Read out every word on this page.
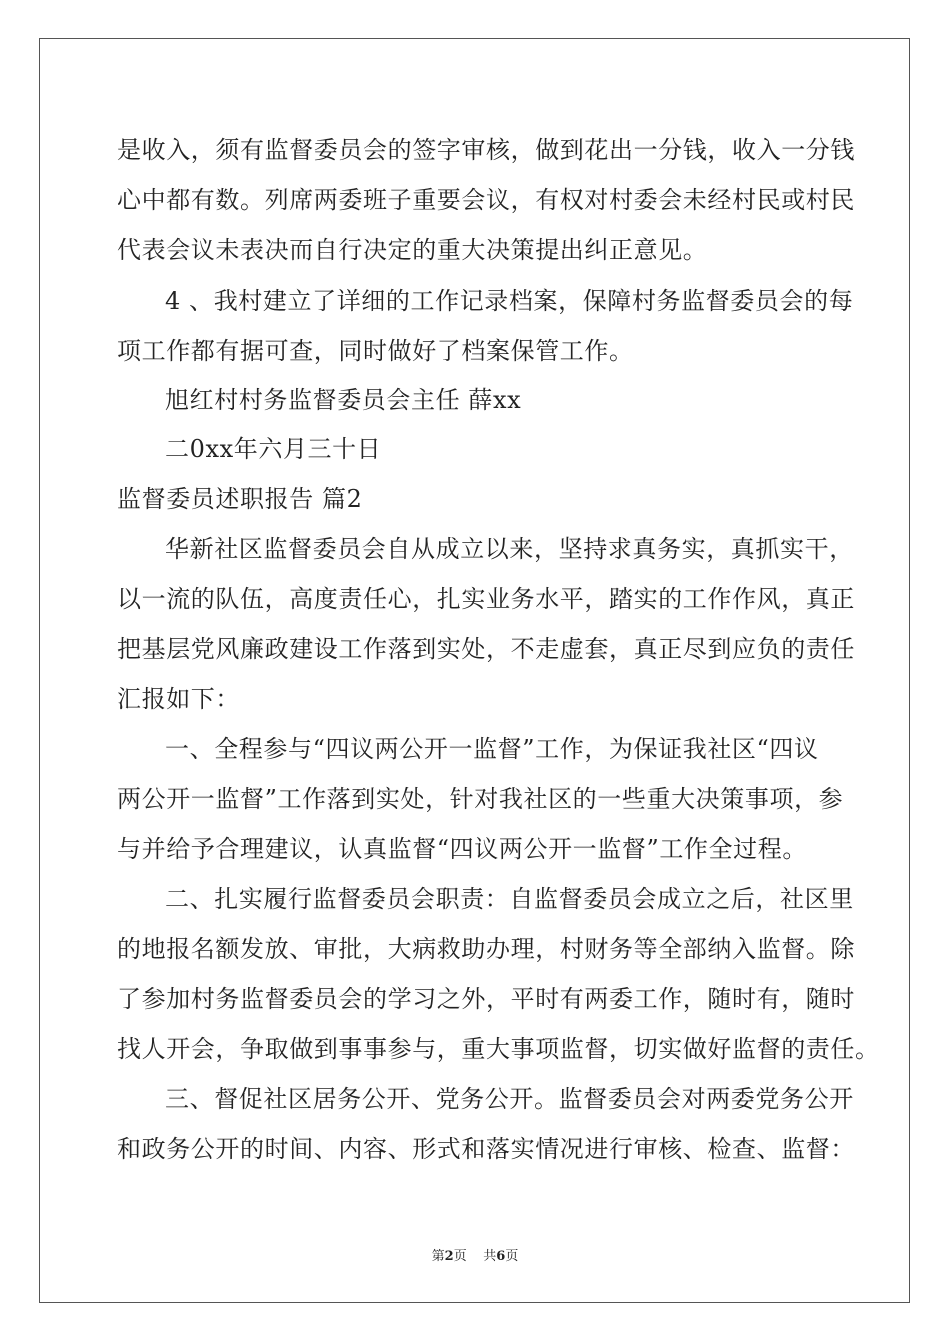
是收入，须有监督委员会的签字审核，做到花出一分钱，收入一分钱
心中都有数。列席两委班子重要会议，有权对村委会未经村民或村民
代表会议未表决而自行决定的重大决策提出纠正意见。
4 、我村建立了详细的工作记录档案，保障村务监督委员会的每
项工作都有据可查，同时做好了档案保管工作。
旭红村村务监督委员会主任 薛xx
二0xx年六月三十日
监督委员述职报告 篇2
华新社区监督委员会自从成立以来，坚持求真务实，真抓实干，
以一流的队伍，高度责任心，扎实业务水平，踏实的工作作风，真正
把基层党风廉政建设工作落到实处，不走虚套，真正尽到应负的责任
汇报如下：
一、全程参与“四议两公开一监督”工作，为保证我社区“四议
两公开一监督”工作落到实处，针对我社区的一些重大决策事项，参
与并给予合理建议，认真监督“四议两公开一监督”工作全过程。
二、扎实履行监督委员会职责：自监督委员会成立之后，社区里
的地报名额发放、审批，大病救助办理，村财务等全部纳入监督。除
了参加村务监督委员会的学习之外，平时有两委工作，随时有，随时
找人开会，争取做到事事参与，重大事项监督，切实做好监督的责任。
三、督促社区居务公开、党务公开。监督委员会对两委党务公开
和政务公开的时间、内容、形式和落实情况进行审核、检查、监督：
第2页 共6页
